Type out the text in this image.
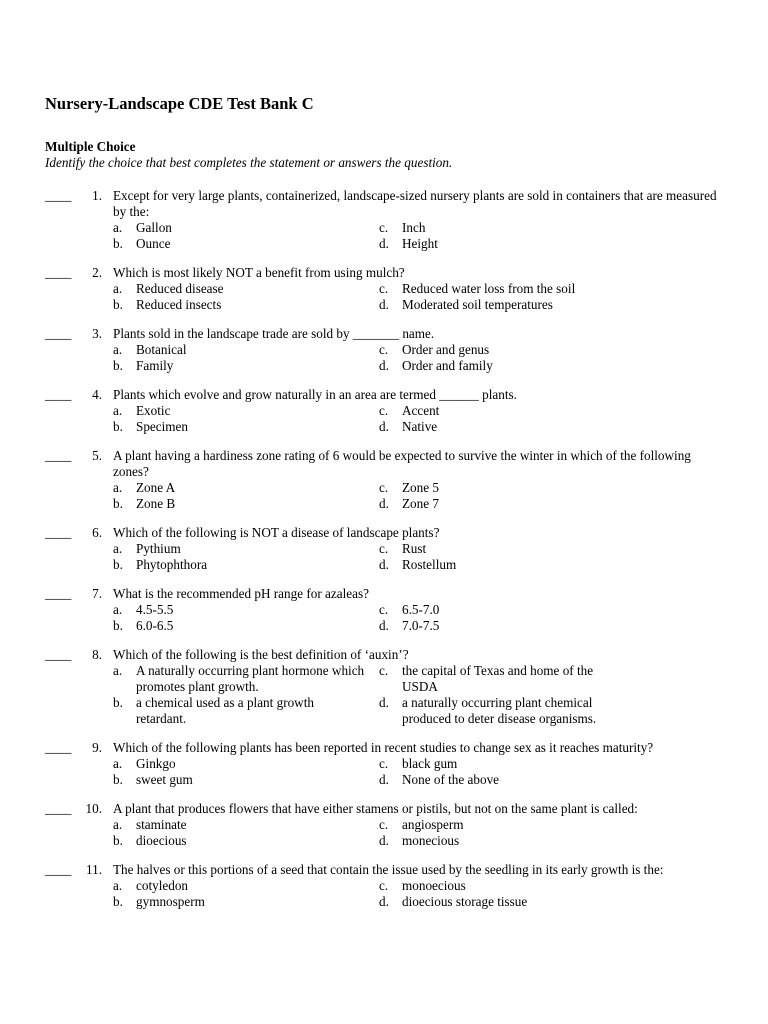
Nursery-Landscape CDE Test Bank C
Multiple Choice
Identify the choice that best completes the statement or answers the question.
____	1. Except for very large plants, containerized, landscape-sized nursery plants are sold in containers that are measured by the:
a.	Gallon
b. Ounce
c.	Inch
d. Height
____	2. Which is most likely NOT a benefit from using mulch?
a.	Reduced disease
b. Reduced insects
c.	Reduced water loss from the soil
d. Moderated soil temperatures
____	3. Plants sold in the landscape trade are sold by _______ name.
a.	Botanical
b. Family
c.	Order and genus
d. Order and family
____	4. Plants which evolve and grow naturally in an area are termed ______ plants.
a.	Exotic
b. Specimen
c.	Accent
d. Native
____	5. A plant having a hardiness zone rating of 6 would be expected to survive the winter in which of the following zones?
a.	Zone A
b. Zone B
c.	Zone 5
d. Zone 7
____	6. Which of the following is NOT a disease of landscape plants?
a.	Pythium
b. Phytophthora
c.	Rust
d. Rostellum
____	7. What is the recommended pH range for azaleas?
a.	4.5-5.5
b. 6.0-6.5
c.	6.5-7.0
d. 7.0-7.5
____	8. Which of the following is the best definition of ‘auxin’?
a.	A naturally occurring plant hormone which promotes plant growth.
b. a chemical used as a plant growth retardant.
c.	the capital of Texas and home of the USDA
d. a naturally occurring plant chemical produced to deter disease organisms.
____	9. Which of the following plants has been reported in recent studies to change sex as it reaches maturity?
a.	Ginkgo
b. sweet gum
c.	black gum
d. None of the above
____	10. A plant that produces flowers that have either stamens or pistils, but not on the same plant is called:
a.	staminate
b. dioecious
c.	angiosperm
d. monecious
____	11. The halves or this portions of a seed that contain the issue used by the seedling in its early growth is the:
a.	cotyledon
b. gymnosperm
c.	monoecious
d. dioecious storage tissue
